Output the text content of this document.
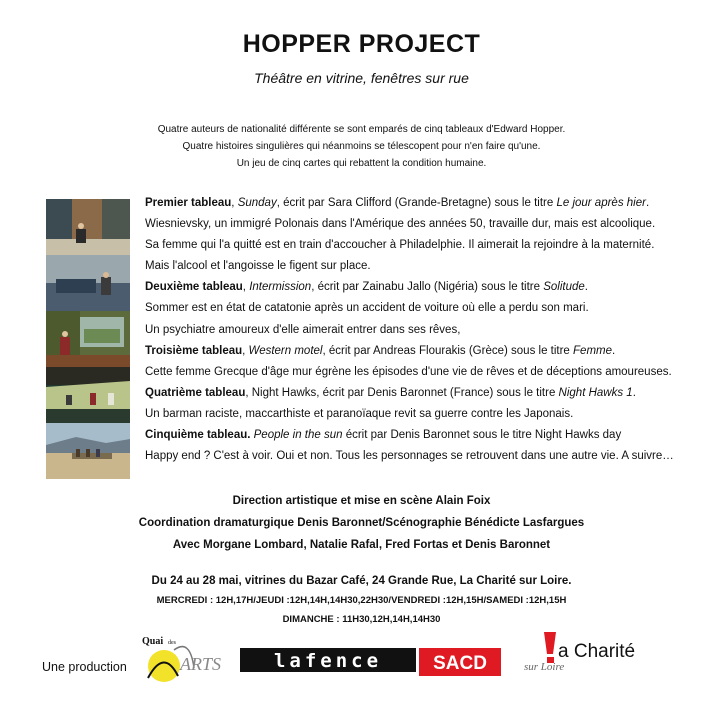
HOPPER PROJECT
Théâtre en vitrine, fenêtres sur rue
Quatre auteurs de nationalité différente se sont emparés de cinq tableaux d'Edward Hopper.
Quatre histoires singulières qui néanmoins se télescopent pour n'en faire qu'une.
Un jeu de cinq cartes qui rebattent la condition humaine.

Premier tableau, Sunday, écrit par Sara Clifford (Grande-Bretagne) sous le titre Le jour après hier.

Wiesnievsky, un immigré Polonais dans l'Amérique des années 50, travaille dur, mais est alcoolique.

Sa femme qui l'a quitté est en train d'accoucher à Philadelphie. Il aimerait la rejoindre à la maternité.

Mais l'alcool et l'angoisse le figent sur place.

Deuxième tableau, Intermission, écrit par Zainabu Jallo (Nigéria) sous le titre Solitude.

Sommer est en état de catatonie après un accident de voiture où elle a perdu son mari.

Un psychiatre amoureux d'elle aimerait entrer dans ses rêves,

Troisième tableau, Western motel, écrit par Andreas Flourakis (Grèce) sous le titre Femme.

Cette femme Grecque d'âge mur égrène les épisodes d'une vie de rêves et de déceptions amoureuses.

Quatrième tableau, Night Hawks, écrit par Denis Baronnet (France) sous le titre Night Hawks 1.

Un barman raciste, maccarthiste et paranoïaque revit sa guerre contre les Japonais.

Cinquième tableau. People in the sun écrit par Denis Baronnet sous le titre Night Hawks day

Happy end ? C'est à voir. Oui et non. Tous les personnages se retrouvent dans une autre vie. A suivre…

Direction artistique et mise en scène Alain Foix
Coordination dramaturgique Denis Baronnet/Scénographie Bénédicte Lasfargues
Avec Morgane Lombard, Natalie Rafal, Fred Fortas et Denis Baronnet
Du 24 au 28 mai, vitrines du Bazar Café, 24 Grande Rue, La Charité sur Loire.
MERCREDI : 12H,17H/JEUDI :12H,14H,14H30,22H30/VENDREDI :12H,15H/SAMEDI :12H,15H
DIMANCHE : 11H30,12H,14H,14H30
Une production
Quai des
ARTS	lafence	SACD
a Charité
sur Loire
